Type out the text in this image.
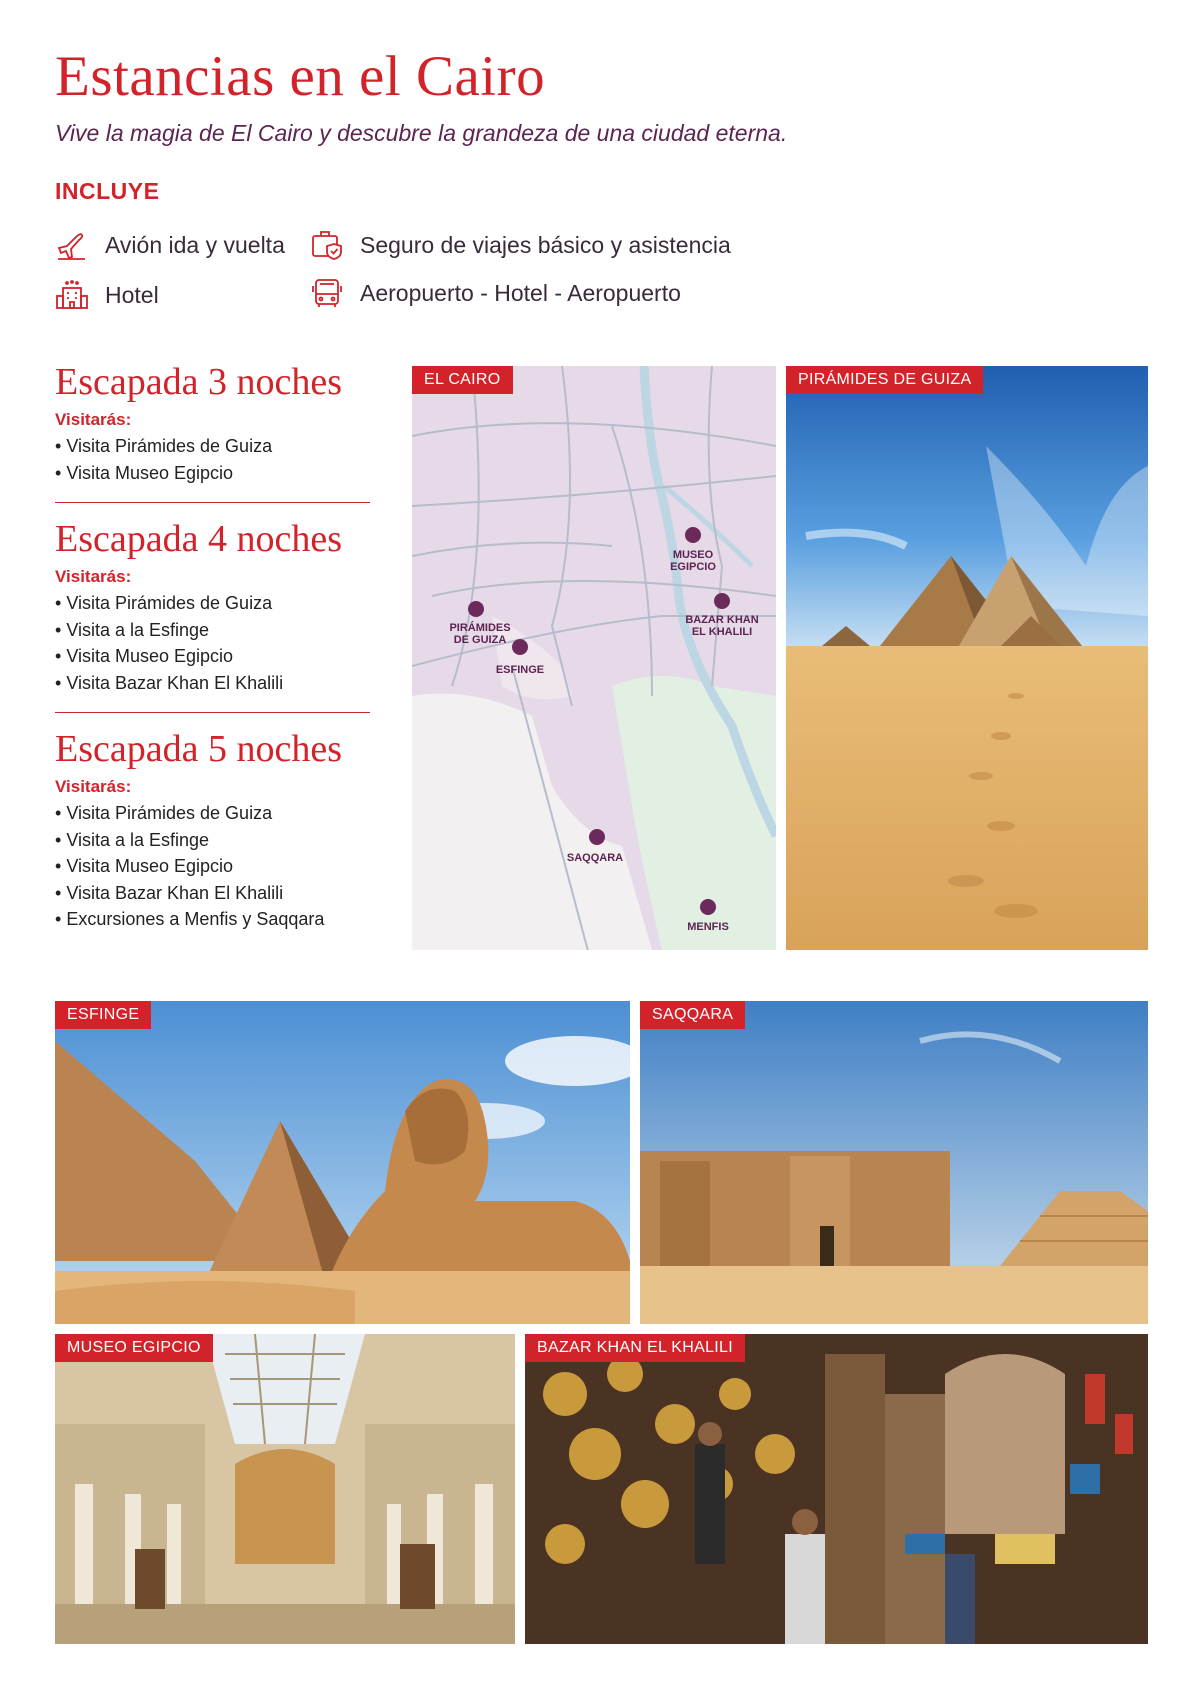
Estancias en el Cairo

Vive la magia de El Cairo y descubre la grandeza de una ciudad eterna.

INCLUYE
Avión ida y vuelta	Seguro de viajes básico y asistencia
Hotel	Aeropuerto - Hotel - Aeropuerto
Escapada 3 noches
Visitarás:
• Visita Pirámides de Guiza
• Visita Museo Egipcio
Escapada 4 noches
Visitarás:
• Visita Pirámides de Guiza
• Visita a la Esfinge
• Visita Museo Egipcio
• Visita Bazar Khan El Khalili
Escapada 5 noches
Visitarás:
• Visita Pirámides de Guiza
• Visita a la Esfinge
• Visita Museo Egipcio
• Visita Bazar Khan El Khalili
• Excursiones a Menfis y Saqqara
EL CAIRO
MUSEO
EGIPCIO
BAZAR KHAN
EL KHALILI
PIRÁMIDES
DE GUIZA
ESFINGE
SAQQARA
MENFIS
PIRÁMIDES DE GUIZA
ESFINGE	SAQQARA
MUSEO EGIPCIO	BAZAR KHAN EL KHALILI
